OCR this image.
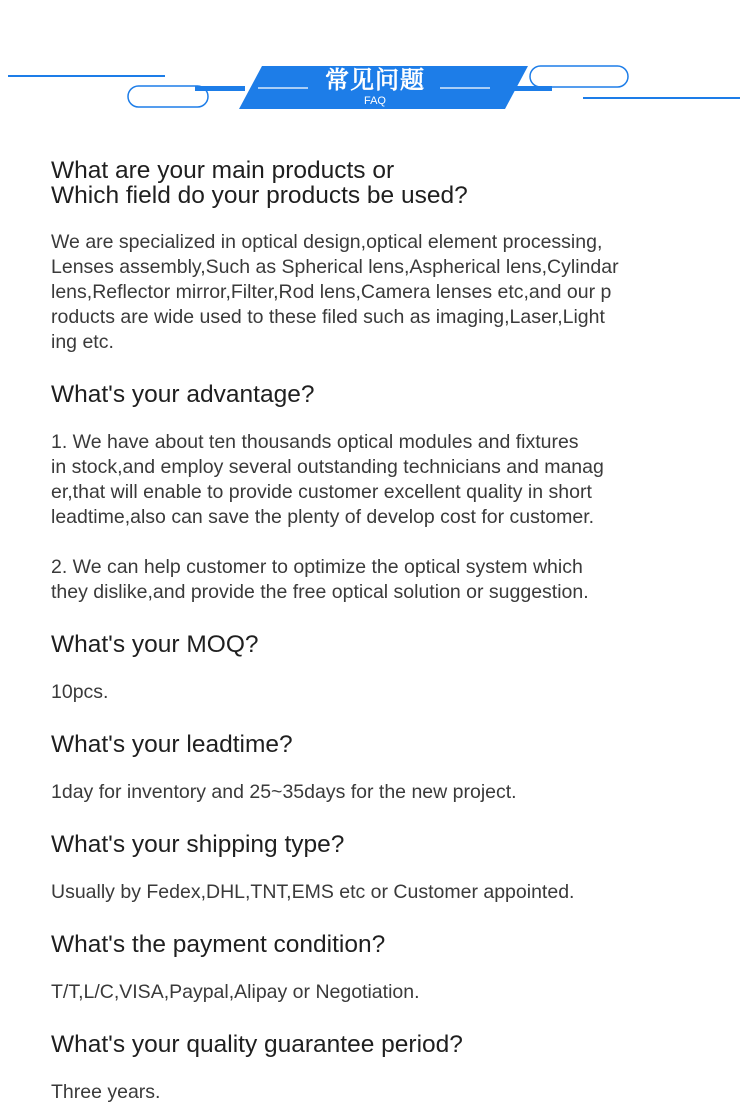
常见问题
FAQ
What are your main products or
Which field do your products be used?

We are specialized in optical design,optical element processing,
Lenses assembly,Such as Spherical lens,Aspherical lens,Cylindar
lens,Reflector mirror,Filter,Rod lens,Camera lenses etc,and our p
roducts are wide used to these filed such as imaging,Laser,Light
ing etc.

What's your advantage?

1. We have about ten thousands optical modules and fixtures
in stock,and employ several outstanding technicians and manag
er,that will enable to provide customer excellent quality in short
leadtime,also can save the plenty of develop cost for customer.

2. We can help customer to optimize the optical system which
they dislike,and provide the free optical solution or suggestion.

What's your MOQ?

10pcs.

What's your leadtime?

1day for inventory and 25~35days for the new project.

What's your shipping type?

Usually by Fedex,DHL,TNT,EMS etc or Customer appointed.

What's the payment condition?

T/T,L/C,VISA,Paypal,Alipay or Negotiation.

What's your quality guarantee period?

Three years.
